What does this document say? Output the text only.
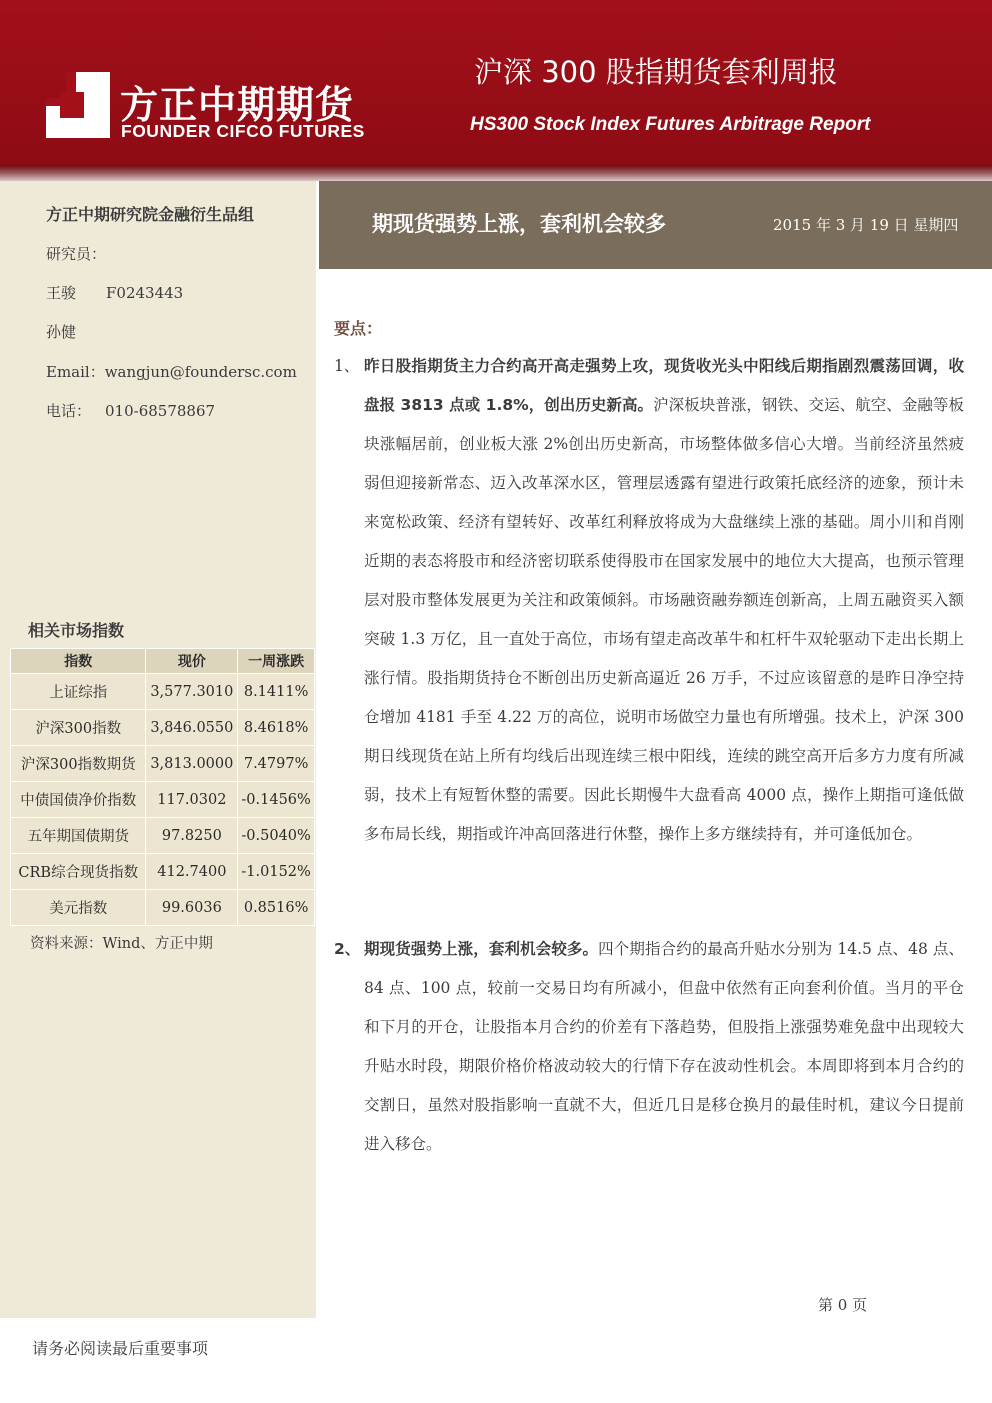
方正中期期货
FOUNDER CIFCO FUTURES
沪深 300 股指期货套利周报
HS300 Stock Index Futures Arbitrage Report
期现货强势上涨，套利机会较多	2015 年 3 月 19 日 星期四
方正中期研究院金融衍生品组
研究员：
王骏 F0243443
孙健
Email：wangjun@foundersc.com
电话： 010-68578867
相关市场指数
指数	现价	一周涨跌
上证综指	3,577.3010	8.1411%
沪深300指数	3,846.0550	8.4618%
沪深300指数期货	3,813.0000	7.4797%
中债国债净价指数	117.0302	-0.1456%
五年期国债期货	97.8250	-0.5040%
CRB综合现货指数	412.7400	-1.0152%
美元指数	99.6036	0.8516%
资料来源：Wind、方正中期
要点：
1、 昨日股指期货主力合约高开高走强势上攻，现货收光头中阳线后期指剧烈震荡回调，收盘报 3813 点或 1.8%，创出历史新高。沪深板块普涨，钢铁、交运、航空、金融等板块涨幅居前，创业板大涨 2%创出历史新高，市场整体做多信心大增。当前经济虽然疲弱但迎接新常态、迈入改革深水区，管理层透露有望进行政策托底经济的迹象，预计未来宽松政策、经济有望转好、改革红利释放将成为大盘继续上涨的基础。周小川和肖刚近期的表态将股市和经济密切联系使得股市在国家发展中的地位大大提高，也预示管理层对股市整体发展更为关注和政策倾斜。市场融资融券额连创新高，上周五融资买入额突破 1.3 万亿，且一直处于高位，市场有望走高改革牛和杠杆牛双轮驱动下走出长期上涨行情。股指期货持仓不断创出历史新高逼近 26 万手，不过应该留意的是昨日净空持仓增加 4181 手至 4.22 万的高位，说明市场做空力量也有所增强。技术上，沪深 300 期日线现货在站上所有均线后出现连续三根中阳线，连续的跳空高开后多方力度有所减弱，技术上有短暂休整的需要。因此长期慢牛大盘看高 4000 点，操作上期指可逢低做多布局长线，期指或许冲高回落进行休整，操作上多方继续持有，并可逢低加仓。
2、 期现货强势上涨，套利机会较多。四个期指合约的最高升贴水分别为 14.5 点、48 点、84 点、100 点，较前一交易日均有所减小，但盘中依然有正向套利价值。当月的平仓和下月的开仓，让股指本月合约的价差有下落趋势，但股指上涨强势难免盘中出现较大升贴水时段，期限价格价格波动较大的行情下存在波动性机会。本周即将到本月合约的交割日，虽然对股指影响一直就不大，但近几日是移仓换月的最佳时机，建议今日提前进入移仓。
第 0 页
请务必阅读最后重要事项
